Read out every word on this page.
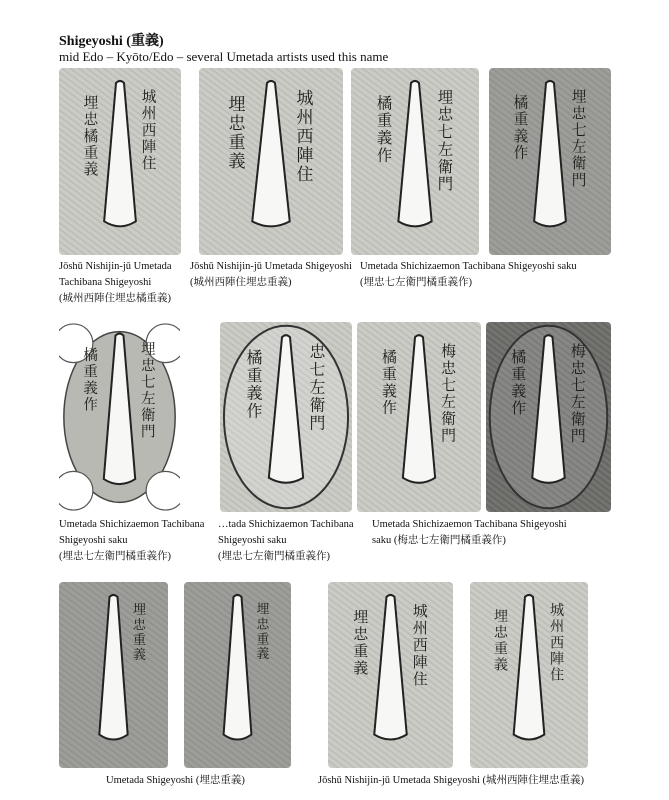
Shigeyoshi (重義)
mid Edo – Kyōto/Edo – several Umetada artists used this name
城
州
西
陣
住
埋
忠
橘
重
義
城
州
西
陣
住
埋
忠
重
義
埋
忠
七
左
衛
門
橘
重
義
作
埋
忠
七
左
衛
門
橘
重
義
作
Jōshū Nishijin-jū Umetada
Tachibana Shigeyoshi
(城州西陣住埋忠橘重義)
Jōshū Nishijin-jū Umetada Shigeyoshi
(城州西陣住埋忠重義)
Umetada Shichizaemon Tachibana Shigeyoshi saku
(埋忠七左衛門橘重義作)
埋
忠
七
左
衛
門
橘
重
義
作
忠
七
左
衛
門
橘
重
義
作
梅
忠
七
左
衛
門
橘
重
義
作
梅
忠
七
左
衛
門
橘
重
義
作
Umetada Shichizaemon Tachibana
Shigeyoshi saku
(埋忠七左衛門橘重義作)
…tada Shichizaemon Tachibana
Shigeyoshi saku
(埋忠七左衛門橘重義作)
Umetada Shichizaemon Tachibana Shigeyoshi
saku (梅忠七左衛門橘重義作)
埋
忠
重
義
埋
忠
重
義
城
州
西
陣
住
埋
忠
重
義
城
州
西
陣
住
埋
忠
重
義
Umetada Shigeyoshi (埋忠重義)	Jōshū Nishijin-jū Umetada Shigeyoshi (城州西陣住埋忠重義)
